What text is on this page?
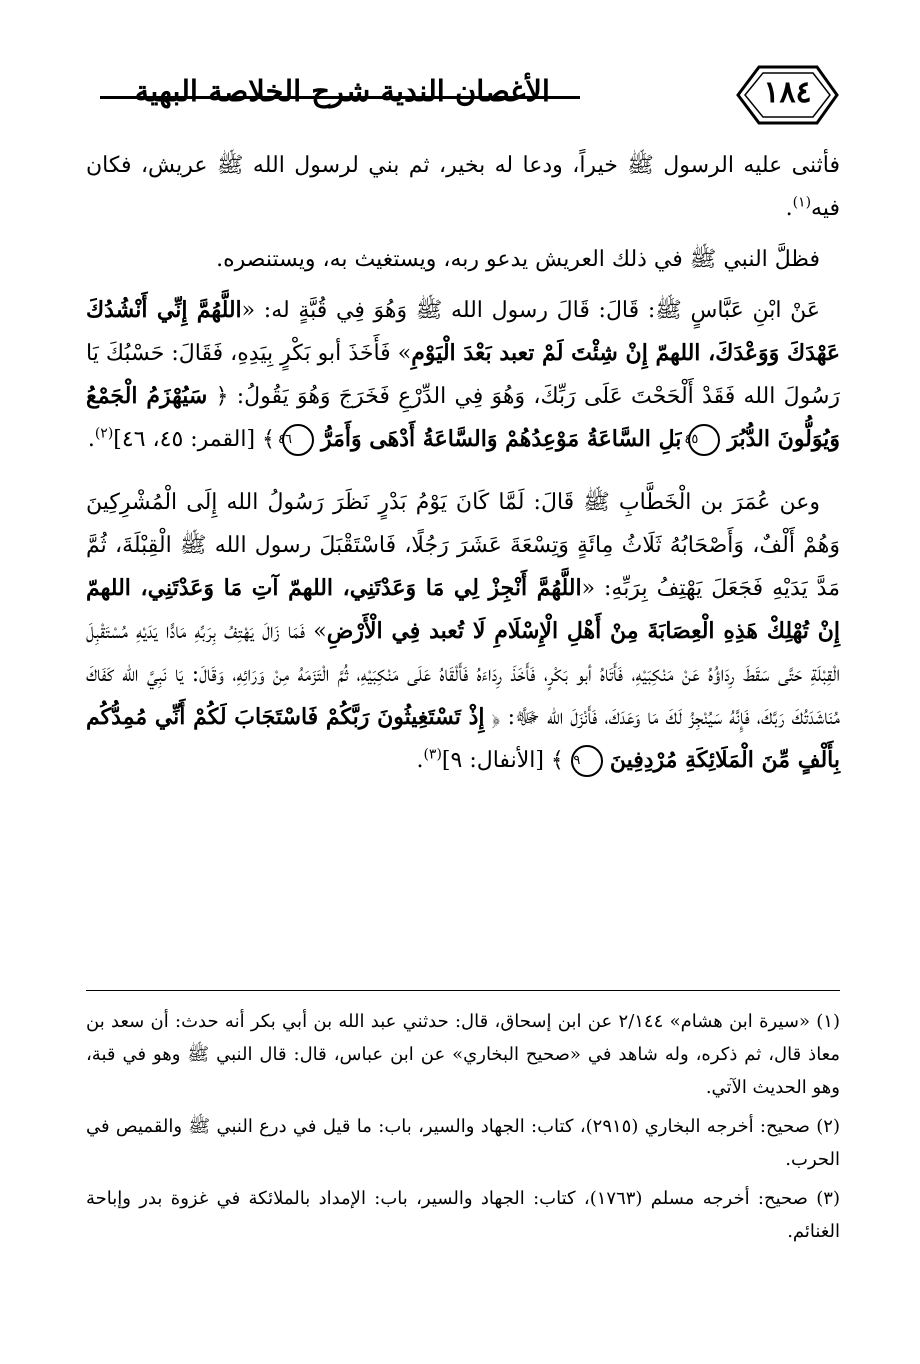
الأغصان الندية شرح الخلاصة البهية	١٨٤

فأثنى عليه الرسول ﷺ خيراً، ودعا له بخير، ثم بني لرسول الله ﷺ عريش، فكان فيه$^{(١)}$.

فظلَّ النبي ﷺ في ذلك العريش يدعو ربه، ويستغيث به، ويستنصره.

عَنْ ابْنِ عَبَّاسٍ ﷺ: قَالَ: قَالَ رسول الله ﷺ وَهُوَ فِي قُبَّةٍ له: «اللَّهُمَّ إِنِّي أَنْشُدُكَ عَهْدَكَ وَوَعْدَكَ، اللهمّ إِنْ شِئْتَ لَمْ تعبد بَعْدَ الْيَوْمِ» فَأَخَذَ أبو بَكْرٍ بِيَدِهِ، فَقَالَ: حَسْبُكَ يَا رَسُولَ الله فَقَدْ أَلْحَحْتَ عَلَى رَبِّكَ، وَهُوَ فِي الدِّرْعِ فَخَرَجَ وَهُوَ يَقُولُ: ﴿ سَيُهْزَمُ الْجَمْعُ وَيُوَلُّونَ الدُّبُرَ ٤٥ بَلِ السَّاعَةُ مَوْعِدُهُمْ وَالسَّاعَةُ أَدْهَى وَأَمَرُّ ٤٦ ﴾ [القمر: ٤٥، ٤٦]$^{(٢)}$.

وعن عُمَرَ بن الْخَطَّابِ ﷺ قَالَ: لَمَّا كَانَ يَوْمُ بَدْرٍ نَظَرَ رَسُولُ الله إِلَى الْمُشْرِكِينَ وَهُمْ أَلْفٌ، وَأَصْحَابُهُ ثَلَاثُ مِائَةٍ وَتِسْعَةَ عَشَرَ رَجُلًا، فَاسْتَقْبَلَ رسول الله ﷺ الْقِبْلَةَ، ثُمَّ مَدَّ يَدَيْهِ فَجَعَلَ يَهْتِفُ بِرَبِّهِ: «اللَّهُمَّ أَنْجِزْ لِي مَا وَعَدْتَنِي، اللهمّ آتِ مَا وَعَدْتَنِي، اللهمّ إِنْ تُهْلِكْ هَذِهِ الْعِصَابَةَ مِنْ أَهْلِ الْإِسْلَامِ لَا تُعبد فِي الْأَرْضِ» فَمَا زَالَ يَهْتِفُ بِرَبِّهِ مَادًّا يَدَيْهِ مُسْتَقْبِلَ الْقِبْلَةِ حَتَّى سَقَطَ رِدَاؤُهُ عَنْ مَنْكِبَيْهِ، فَأَتَاهُ أبو بَكْرٍ، فَأَخَذَ رِدَاءَهُ فَأَلْقَاهُ عَلَى مَنْكِبَيْهِ، ثُمَّ الْتَزَمَهُ مِنْ وَرَائِهِ، وَقَالَ: يَا نَبِيَّ الله كَفَاكَ مُنَاشَدَتُكَ رَبَّكَ، فَإِنَّهُ سَيُنْجِزُ لَكَ مَا وَعَدَكَ، فَأَنْزَلَ الله ﷻ: ﴿ إِذْ تَسْتَغِيثُونَ رَبَّكُمْ فَاسْتَجَابَ لَكُمْ أَنِّي مُمِدُّكُم بِأَلْفٍ مِّنَ الْمَلَائِكَةِ مُرْدِفِينَ ٩ ﴾ [الأنفال: ٩]$^{(٣)}$.

(١) «سيرة ابن هشام» ٢/١٤٤ عن ابن إسحاق، قال: حدثني عبد الله بن أبي بكر أنه حدث: أن سعد بن معاذ قال، ثم ذكره، وله شاهد في «صحيح البخاري» عن ابن عباس، قال: قال النبي ﷺ وهو في قبة، وهو الحديث الآتي.

(٢) صحيح: أخرجه البخاري (٢٩١٥)، كتاب: الجهاد والسير، باب: ما قيل في درع النبي ﷺ والقميص في الحرب.

(٣) صحيح: أخرجه مسلم (١٧٦٣)، كتاب: الجهاد والسير، باب: الإمداد بالملائكة في غزوة بدر وإباحة الغنائم.
